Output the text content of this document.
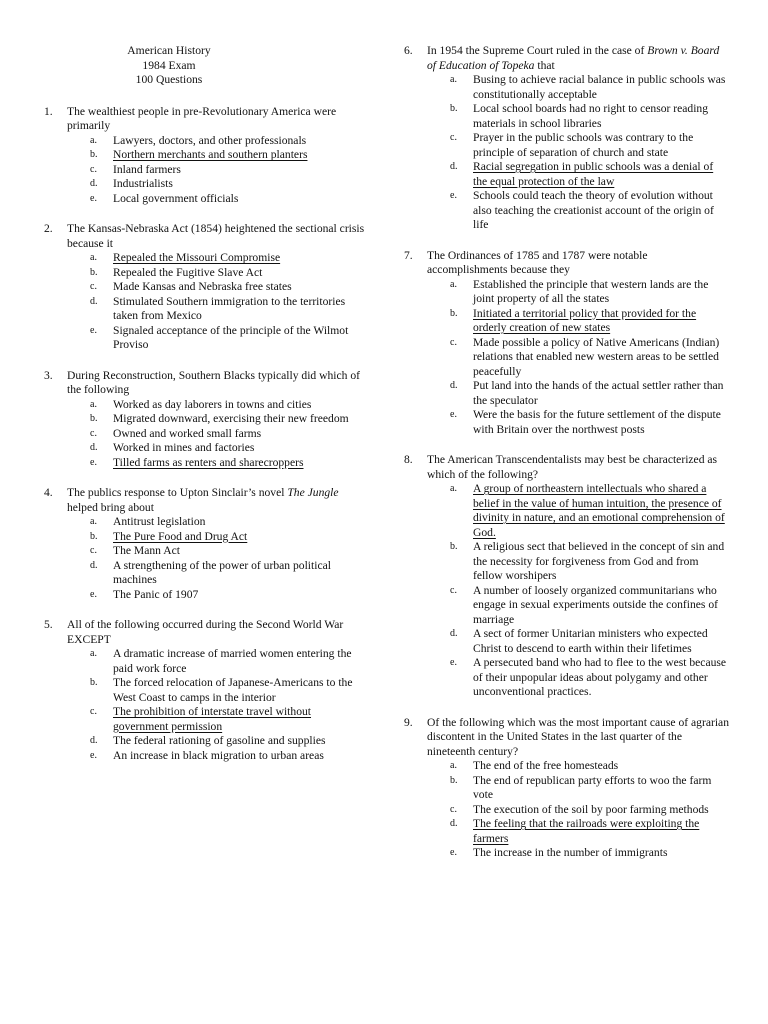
American History
1984 Exam
100 Questions
1.	The wealthiest people in pre-Revolutionary America were primarily

a.	Lawyers, doctors, and other professionals
b.	Northern merchants and southern planters
c.	Inland farmers
d.	Industrialists
e.	Local government officials
2.	The Kansas-Nebraska Act (1854) heightened the sectional crisis because it

a.	Repealed the Missouri Compromise
b.	Repealed the Fugitive Slave Act
c.	Made Kansas and Nebraska free states
d.	Stimulated Southern immigration to the territories taken from Mexico
e.	Signaled acceptance of the principle of the Wilmot Proviso
3.	During Reconstruction, Southern Blacks typically did which of the following

a.	Worked as day laborers in towns and cities
b.	Migrated downward, exercising their new freedom
c.	Owned and worked small farms
d.	Worked in mines and factories
e.	Tilled farms as renters and sharecroppers
4.	The publics response to Upton Sinclair’s novel The Jungle helped bring about

a.	Antitrust legislation
b.	The Pure Food and Drug Act
c.	The Mann Act
d.	A strengthening of the power of urban political machines
e.	The Panic of 1907
5.	All of the following occurred during the Second World War EXCEPT

a.	A dramatic increase of married women entering the paid work force
b.	The forced relocation of Japanese-Americans to the West Coast to camps in the interior
c.	The prohibition of interstate travel without government permission
d.	The federal rationing of gasoline and supplies
e.	An increase in black migration to urban areas
6.	In 1954 the Supreme Court ruled in the case of Brown v. Board of Education of Topeka that

a.	Busing to achieve racial balance in public schools was constitutionally acceptable
b.	Local school boards had no right to censor reading materials in school libraries
c.	Prayer in the public schools was contrary to the principle of separation of church and state
d.	Racial segregation in public schools was a denial of the equal protection of the law
e.	Schools could teach the theory of evolution without also teaching the creationist account of the origin of life
7.	The Ordinances of 1785 and 1787 were notable accomplishments because they

a.	Established the principle that western lands are the joint property of all the states
b.	Initiated a territorial policy that provided for the orderly creation of new states
c.	Made possible a policy of Native Americans (Indian) relations that enabled new western areas to be settled peacefully
d.	Put land into the hands of the actual settler rather than the speculator
e.	Were the basis for the future settlement of the dispute with Britain over the northwest posts
8.	The American Transcendentalists may best be characterized as which of the following?

a.	A group of northeastern intellectuals who shared a belief in the value of human intuition, the presence of divinity in nature, and an emotional comprehension of God.
b.	A religious sect that believed in the concept of sin and the necessity for forgiveness from God and from fellow worshipers
c.	A number of loosely organized communitarians who engage in sexual experiments outside the confines of marriage
d.	A sect of former Unitarian ministers who expected Christ to descend to earth within their lifetimes
e.	A persecuted band who had to flee to the west because of their unpopular ideas about polygamy and other unconventional practices.
9.	Of the following which was the most important cause of agrarian discontent in the United States in the last quarter of the nineteenth century?

a.	The end of the free homesteads
b.	The end of republican party efforts to woo the farm vote
c.	The execution of the soil by poor farming methods
d.	The feeling that the railroads were exploiting the farmers
e.	The increase in the number of immigrants
